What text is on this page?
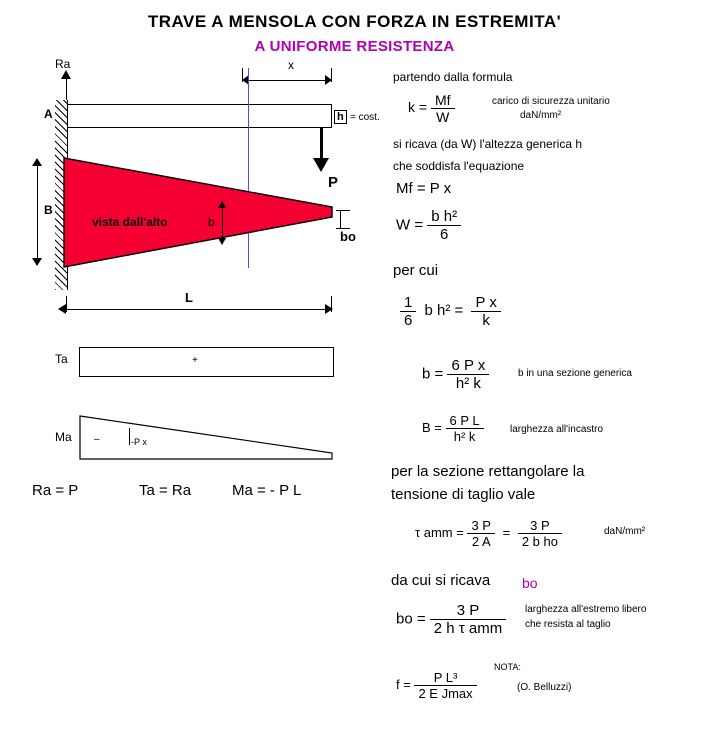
TRAVE A MENSOLA CON FORZA IN ESTREMITA'
A UNIFORME RESISTENZA
Ra
A	h = cost.
x
P
B
vista dall'alto	b
bo
L
Ta	+
Ma –	-P x
Ra = P	Ta = Ra	Ma = - P L
partendo dalla formula
$k = \frac{Mf}{W}$	carico di sicurezza unitario
daN/mm²
si ricava (da W) l'altezza generica h
che soddisfa l'equazione
Mf = P x
$W = \frac{\text{b h²}}{6}$
per cui
$\frac{1}{6}$ b $h^2 = \frac{\text{P x}}{k}$
$b = \frac{\text{6 P x}}{\text{h² k}}$	b in una sezione generica
$B = \frac{\text{6 P L}}{\text{h² k}}$	larghezza all'incastro
per la sezione rettangolare la
tensione di taglio vale
τ amm = $\frac{3 P}{2 A} = \frac{3 P}{\text{2 b ho}}$	daN/mm²
da cui si ricava bo
bo = $\frac{3 P}{\text{2 h τ amm}}$ larghezza all'estremo libero
che resista al taglio
$f = \frac{\text{P L³}}{\text{2 E Jmax}}$
NOTA:
(O. Belluzzi)
